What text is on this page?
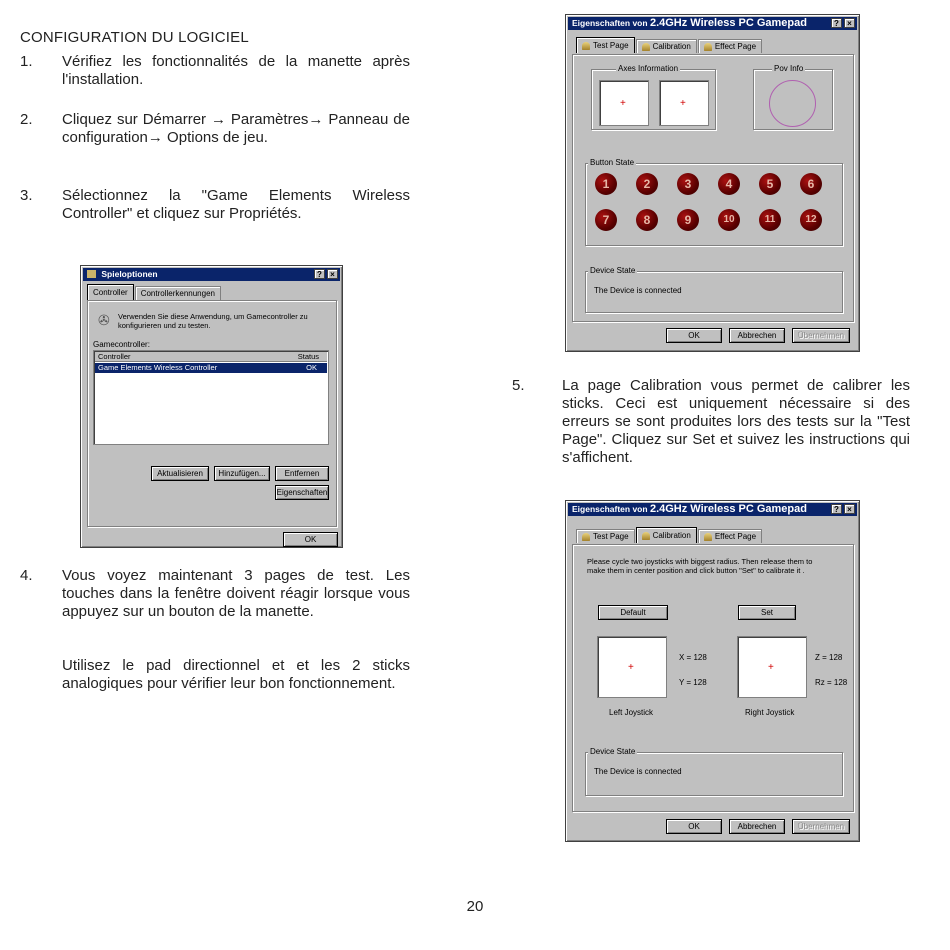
CONFIGURATION DU LOGICIEL
1. Vérifiez les fonctionnalités de la manette après l'installation.
2. Cliquez sur Démarrer → Paramètres→ Panneau de configuration→ Options de jeu.
3. Sélectionnez la "Game Elements Wireless Controller" et cliquez sur Propriétés.
4. Vous voyez maintenant 3 pages de test. Les touches dans la fenêtre doivent réagir lorsque vous appuyez sur un bouton de la manette.
Utilisez le pad directionnel et et les 2 sticks analogiques pour vérifier leur bon fonctionnement.
Spieloptionen	?	×
Controller	Controllerkennungen
✇ Verwenden Sie diese Anwendung, um Gamecontroller zu konfigurieren und zu testen.
Gamecontroller:
Controller	Status
Game Elements Wireless Controller	OK
Aktualisieren	Hinzufügen...	Entfernen
Eigenschaften
OK
Eigenschaften von 2.4GHz Wireless PC Gamepad	?	×
Test Page	Calibration	Effect Page
Axes Information
+	+
Pov Info
Button State
1	2	3	4	5	6
7	8	9	10	11	12
Device State
The Device is connected
OK	Abbrechen	Übernehmen
5. La page Calibration vous permet de calibrer les sticks. Ceci est uniquement nécessaire si des erreurs se sont produites lors des tests sur la "Test Page". Cliquez sur Set et suivez les instructions qui s'affichent.
Eigenschaften von 2.4GHz Wireless PC Gamepad	?	×
Test Page	Calibration	Effect Page
Please cycle two joysticks with biggest radius. Then release them to make them in center position and click button "Set" to calibrate it .
Default	Set
+
X = 128
Y = 128
+
Z = 128
Rz = 128
Left Joystick	Right Joystick
Device State
The Device is connected
OK	Abbrechen	Übernehmen
20
